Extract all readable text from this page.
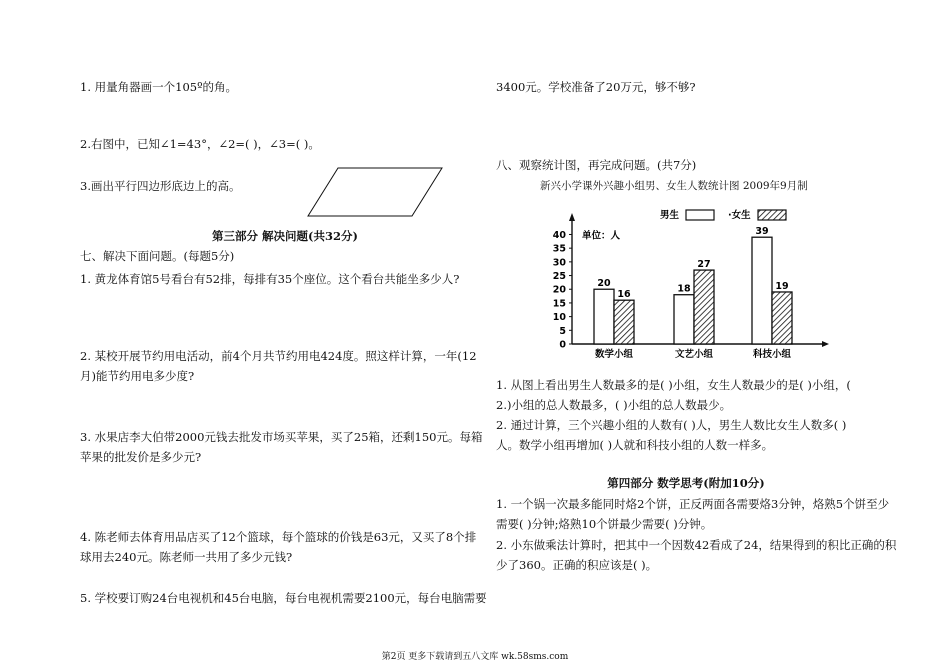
1. 用量角器画一个105º的角。
2.右图中，已知∠1=43°，∠2=( )，∠3=( )。
3.画出平行四边形底边上的高。
第三部分 解决问题(共32分)
七、解决下面问题。(每题5分)
1. 黄龙体育馆5号看台有52排，每排有35个座位。这个看台共能坐多少人?
2. 某校开展节约用电活动，前4个月共节约用电424度。照这样计算，一年(12
月)能节约用电多少度?
3. 水果店李大伯带2000元钱去批发市场买苹果，买了25箱，还剩150元。每箱
苹果的批发价是多少元?
4. 陈老师去体育用品店买了12个篮球，每个篮球的价钱是63元，又买了8个排
球用去240元。陈老师一共用了多少元钱?
5. 学校要订购24台电视机和45台电脑，每台电视机需要2100元，每台电脑需要
3400元。学校准备了20万元，够不够?
八、观察统计图，再完成问题。(共7分)
新兴小学课外兴趣小组男、女生人数统计图 2009年9月制
0
5
10
15
20
25
30
35
40 单位：人
男生	·女生
20
16
数学小组
18
27
文艺小组
39
19
科技小组
1. 从图上看出男生人数最多的是( )小组，女生人数最少的是( )小组，(
2.)小组的总人数最多，( )小组的总人数最少。
2. 通过计算，三个兴趣小组的人数有( )人，男生人数比女生人数多( )
人。数学小组再增加( )人就和科技小组的人数一样多。
第四部分 数学思考(附加10分)
1. 一个锅一次最多能同时烙2个饼，正反两面各需要烙3分钟，烙熟5个饼至少
需要( )分钟;烙熟10个饼最少需要( )分钟。
2. 小东做乘法计算时，把其中一个因数42看成了24，结果得到的积比正确的积
少了360。正确的积应该是( )。
第2页 更多下载请到五八文库 wk.58sms.com
